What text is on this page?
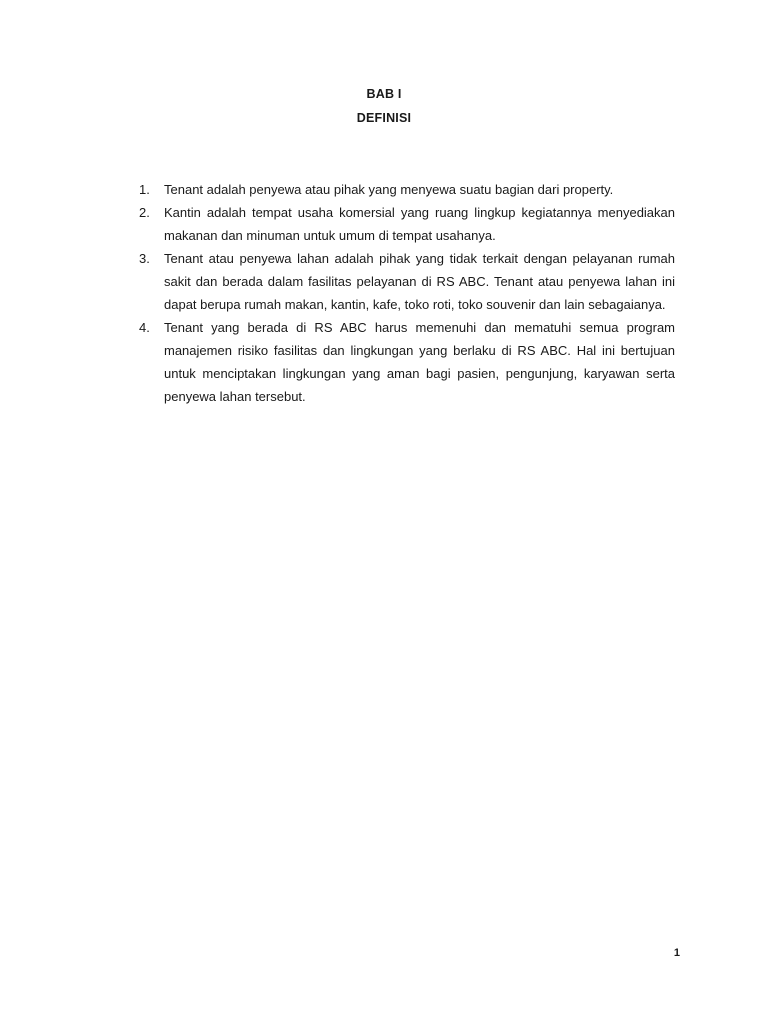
BAB I
DEFINISI
1. Tenant adalah penyewa atau pihak yang menyewa suatu bagian dari property.
2. Kantin adalah tempat usaha komersial yang ruang lingkup kegiatannya menyediakan makanan dan minuman untuk umum di tempat usahanya.
3. Tenant atau penyewa lahan adalah pihak yang tidak terkait dengan pelayanan rumah sakit dan berada dalam fasilitas pelayanan di RS ABC. Tenant atau penyewa lahan ini dapat berupa rumah makan, kantin, kafe, toko roti, toko souvenir dan lain sebagaianya.
4. Tenant yang berada di RS ABC harus memenuhi dan mematuhi semua program manajemen risiko fasilitas dan lingkungan yang berlaku di RS ABC. Hal ini bertujuan untuk menciptakan lingkungan yang aman bagi pasien, pengunjung, karyawan serta penyewa lahan tersebut.
1
